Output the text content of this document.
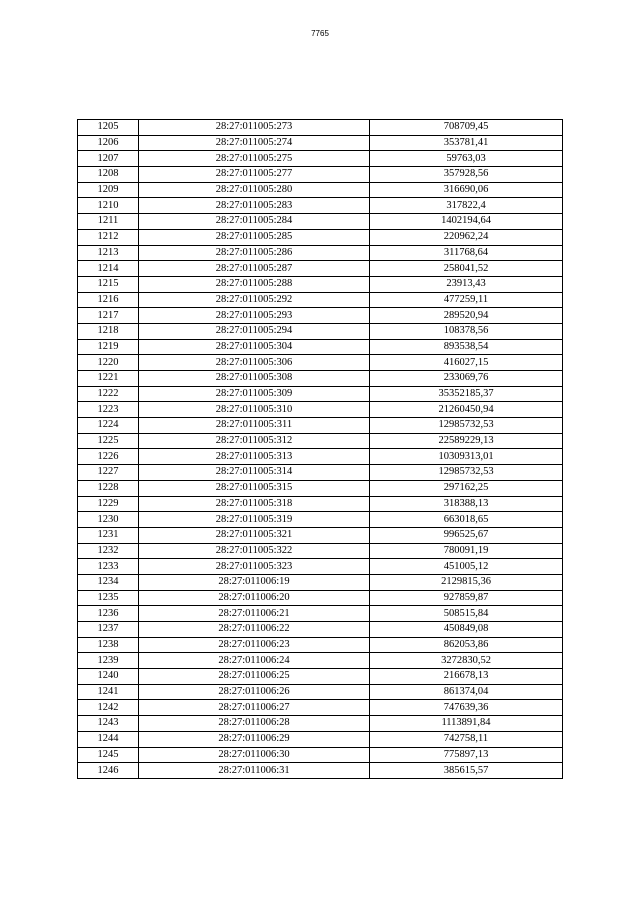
7765
1205	28:27:011005:273	708709,45
1206	28:27:011005:274	353781,41
1207	28:27:011005:275	59763,03
1208	28:27:011005:277	357928,56
1209	28:27:011005:280	316690,06
1210	28:27:011005:283	317822,4
1211	28:27:011005:284	1402194,64
1212	28:27:011005:285	220962,24
1213	28:27:011005:286	311768,64
1214	28:27:011005:287	258041,52
1215	28:27:011005:288	23913,43
1216	28:27:011005:292	477259,11
1217	28:27:011005:293	289520,94
1218	28:27:011005:294	108378,56
1219	28:27:011005:304	893538,54
1220	28:27:011005:306	416027,15
1221	28:27:011005:308	233069,76
1222	28:27:011005:309	35352185,37
1223	28:27:011005:310	21260450,94
1224	28:27:011005:311	12985732,53
1225	28:27:011005:312	22589229,13
1226	28:27:011005:313	10309313,01
1227	28:27:011005:314	12985732,53
1228	28:27:011005:315	297162,25
1229	28:27:011005:318	318388,13
1230	28:27:011005:319	663018,65
1231	28:27:011005:321	996525,67
1232	28:27:011005:322	780091,19
1233	28:27:011005:323	451005,12
1234	28:27:011006:19	2129815,36
1235	28:27:011006:20	927859,87
1236	28:27:011006:21	508515,84
1237	28:27:011006:22	450849,08
1238	28:27:011006:23	862053,86
1239	28:27:011006:24	3272830,52
1240	28:27:011006:25	216678,13
1241	28:27:011006:26	861374,04
1242	28:27:011006:27	747639,36
1243	28:27:011006:28	1113891,84
1244	28:27:011006:29	742758,11
1245	28:27:011006:30	775897,13
1246	28:27:011006:31	385615,57
